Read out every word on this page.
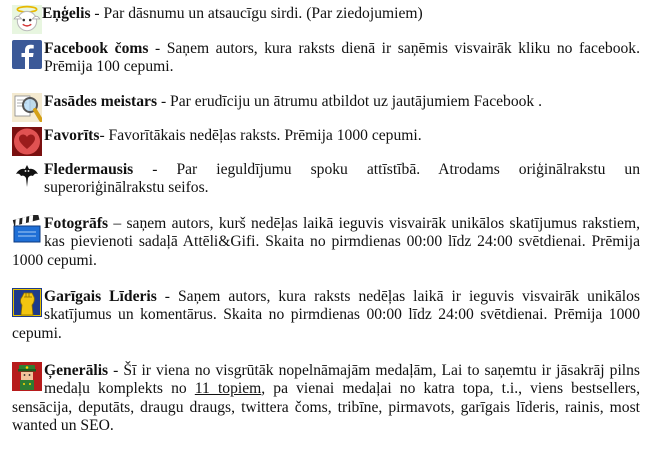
Eņģelis - Par dāsnumu un atsaucīgu sirdi. (Par ziedojumiem)
Facebook čoms - Saņem autors, kura raksts dienā ir saņēmis visvairāk kliku no facebook. Prēmija 100 cepumi.
Fasādes meistars - Par erudīciju un ātrumu atbildot uz jautājumiem Facebook .
Favorīts- Favorītākais nedēļas raksts. Prēmija 1000 cepumi.
Fledermausis - Par ieguldījumu spoku attīstībā. Atrodams oriģinālrakstu un superoriģinālrakstu seifos.
Fotogrāfs – saņem autors, kurš nedēļas laikā ieguvis visvairāk unikālos skatījumus rakstiem, kas pievienoti sadaļā Attēli&Gifi. Skaita no pirmdienas 00:00 līdz 24:00 svētdienai. Prēmija 1000 cepumi.
Garīgais Līderis - Saņem autors, kura raksts nedēļas laikā ir ieguvis visvairāk unikālos skatījumus un komentārus. Skaita no pirmdienas 00:00 līdz 24:00 svētdienai. Prēmija 1000 cepumi.
Ģenerālis - Šī ir viena no visgrūtāk nopelnāmajām medaļām, Lai to saņemtu ir jāsakrāj pilns medaļu komplekts no 11 topiem, pa vienai medaļai no katra topa, t.i., viens bestsellers, sensācija, deputāts, draugu draugs, twittera čoms, tribīne, pirmavots, garīgais līderis, rainis, most wanted un SEO.
